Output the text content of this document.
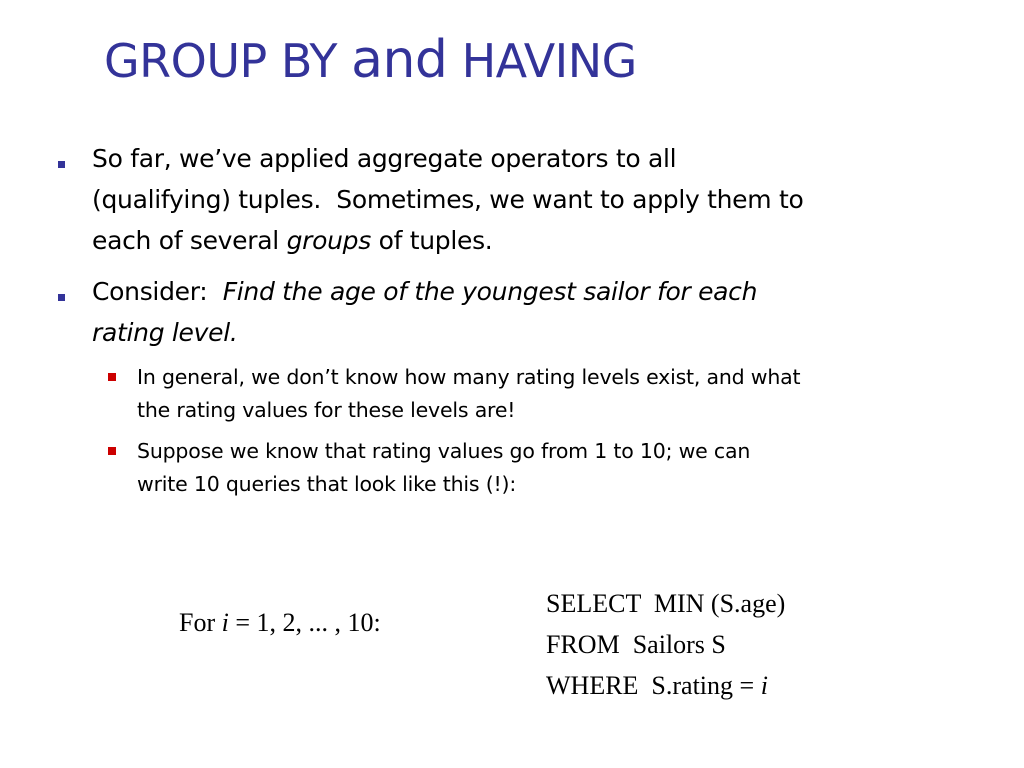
GROUP BY and HAVING
So far, we’ve applied aggregate operators to all
(qualifying) tuples.  Sometimes, we want to apply them to
each of several groups of tuples.
Consider:  Find the age of the youngest sailor for each
rating level.
In general, we don’t know how many rating levels exist, and what
the rating values for these levels are!
Suppose we know that rating values go from 1 to 10; we can
write 10 queries that look like this (!):
For i = 1, 2, ... , 10:
SELECT  MIN (S.age)
FROM  Sailors S
WHERE  S.rating = i
